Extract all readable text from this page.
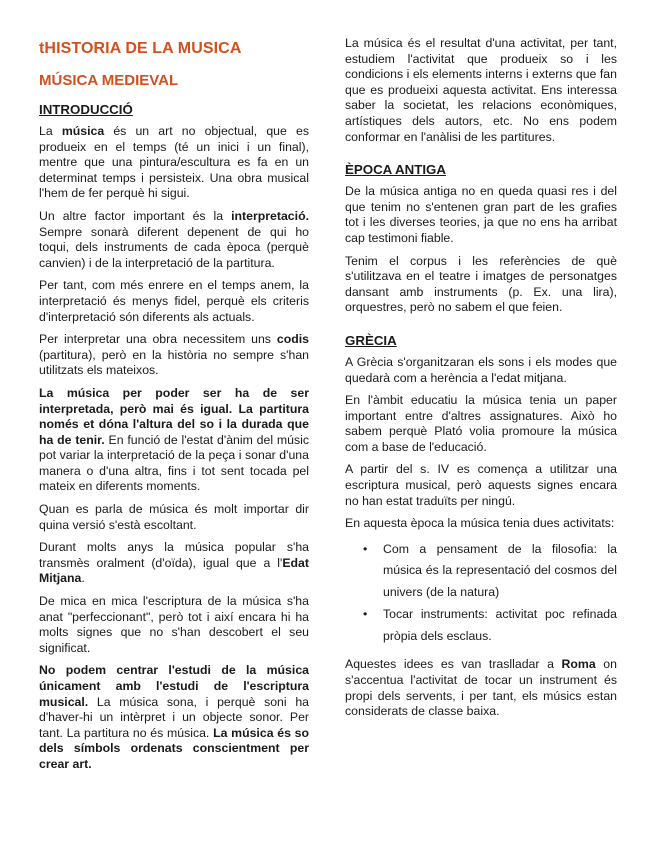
tHISTORIA DE LA MUSICA
MÚSICA MEDIEVAL
INTRODUCCIÓ

La música és un art no objectual, que es produeix en el temps (té un inici i un final), mentre que una pintura/escultura es fa en un determinat temps i persisteix. Una obra musical l'hem de fer perquè hi sigui.

Un altre factor important és la interpretació. Sempre sonarà diferent depenent de qui ho toqui, dels instruments de cada època (perquè canvien) i de la interpretació de la partitura.

Per tant, com més enrere en el temps anem, la interpretació és menys fidel, perquè els criteris d'interpretació són diferents als actuals.

Per interpretar una obra necessitem uns codis (partitura), però en la història no sempre s'han utilitzats els mateixos.

La música per poder ser ha de ser interpretada, però mai és igual. La partitura només et dóna l'altura del so i la durada que ha de tenir. En funció de l'estat d'ànim del músic pot variar la interpretació de la peça i sonar d'una manera o d'una altra, fins i tot sent tocada pel mateix en diferents moments.

Quan es parla de música és molt importar dir quina versió s'està escoltant.

Durant molts anys la música popular s'ha transmès oralment (d'oïda), igual que a l'Edat Mitjana.

De mica en mica l'escriptura de la música s'ha anat "perfeccionant", però tot i així encara hi ha molts signes que no s'han descobert el seu significat.

No podem centrar l'estudi de la música únicament amb l'estudi de l'escriptura musical. La música sona, i perquè soni ha d'haver-hi un intèrpret i un objecte sonor. Per tant. La partitura no és música. La música és so dels símbols ordenats conscientment per crear art.

La música és el resultat d'una activitat, per tant, estudiem l'activitat que produeix so i les condicions i els elements interns i externs que fan que es produeixi aquesta activitat. Ens interessa saber la societat, les relacions econòmiques, artístiques dels autors, etc. No ens podem conformar en l'anàlisi de les partitures.

ÈPOCA ANTIGA

De la música antiga no en queda quasi res i del que tenim no s'entenen gran part de les grafies tot i les diverses teories, ja que no ens ha arribat cap testimoni fiable.

Tenim el corpus i les referències de què s'utilitzava en el teatre i imatges de personatges dansant amb instruments (p. Ex. una lira), orquestres, però no sabem el que feien.

GRÈCIA

A Grècia s'organitzaran els sons i els modes que quedarà com a herència a l'edat mitjana.

En l'àmbit educatiu la música tenia un paper important entre d'altres assignatures. Això ho sabem perquè Plató volia promoure la música com a base de l'educació.

A partir del s. IV es comença a utilitzar una escriptura musical, però aquests signes encara no han estat traduïts per ningú.

En aquesta època la música tenia dues activitats:

• Com a pensament de la filosofia: la música és la representació del cosmos del univers (de la natura)
• Tocar instruments: activitat poc refinada pròpia dels esclaus.

Aquestes idees es van traslladar a Roma on s'accentua l'activitat de tocar un instrument és propi dels servents, i per tant, els músics estan considerats de classe baixa.
